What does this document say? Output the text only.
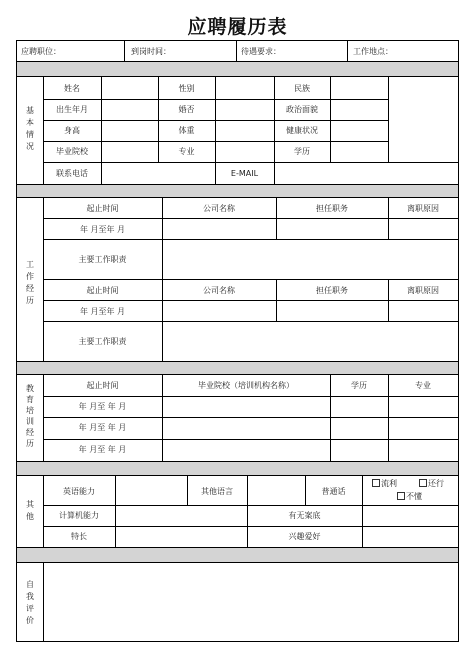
应聘履历表
应聘职位：	到岗时间：	待遇要求：	工作地点：
基本情况
姓名	性别	民族
出生年月	婚否	政治面貌
身高	体重	健康状况
毕业院校	专业	学历
联系电话	E-MAIL
工作经历
起止时间	公司名称	担任职务	离职原因
年 月至年 月
主要工作职责
起止时间	公司名称	担任职务	离职原因
年 月至年 月
主要工作职责
教育培训经历
起止时间	毕业院校（培训机构名称）	学历	专业
年 月至 年 月
年 月至 年 月
年 月至 年 月
其他
英语能力	其他语言	普通话
流利	还行
不懂
计算机能力	有无案底
特长	兴趣爱好
自我评价
